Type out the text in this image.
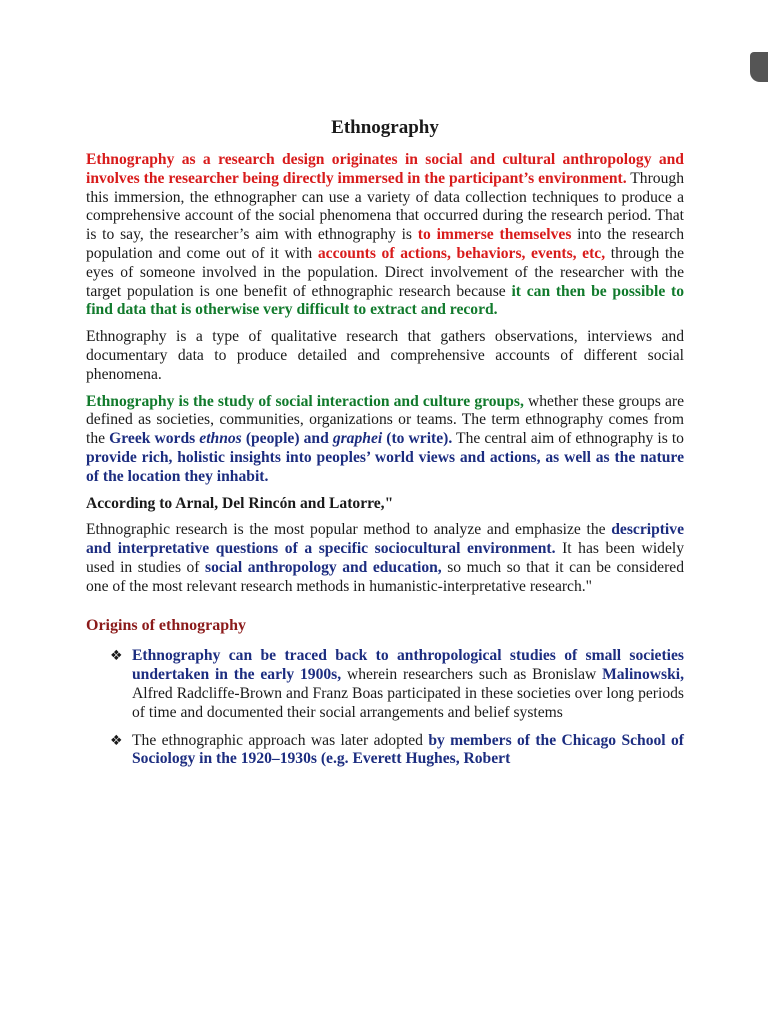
Ethnography

Ethnography as a research design originates in social and cultural anthropology and involves the researcher being directly immersed in the participant’s environment. Through this immersion, the ethnographer can use a variety of data collection techniques to produce a comprehensive account of the social phenomena that occurred during the research period. That is to say, the researcher’s aim with ethnography is to immerse themselves into the research population and come out of it with accounts of actions, behaviors, events, etc, through the eyes of someone involved in the population. Direct involvement of the researcher with the target population is one benefit of ethnographic research because it can then be possible to find data that is otherwise very difficult to extract and record.

Ethnography is a type of qualitative research that gathers observations, interviews and documentary data to produce detailed and comprehensive accounts of different social phenomena.

Ethnography is the study of social interaction and culture groups, whether these groups are defined as societies, communities, organizations or teams. The term ethnography comes from the Greek words ethnos (people) and graphei (to write). The central aim of ethnography is to provide rich, holistic insights into peoples’ world views and actions, as well as the nature of the location they inhabit.

According to Arnal, Del Rincón and Latorre,"

Ethnographic research is the most popular method to analyze and emphasize the descriptive and interpretative questions of a specific sociocultural environment. It has been widely used in studies of social anthropology and education, so much so that it can be considered one of the most relevant research methods in humanistic-interpretative research."

Origins of ethnography
❖ Ethnography can be traced back to anthropological studies of small societies undertaken in the early 1900s, wherein researchers such as Bronislaw Malinowski, Alfred Radcliffe-Brown and Franz Boas participated in these societies over long periods of time and documented their social arrangements and belief systems
❖ The ethnographic approach was later adopted by members of the Chicago School of Sociology in the 1920–1930s (e.g. Everett Hughes, Robert
